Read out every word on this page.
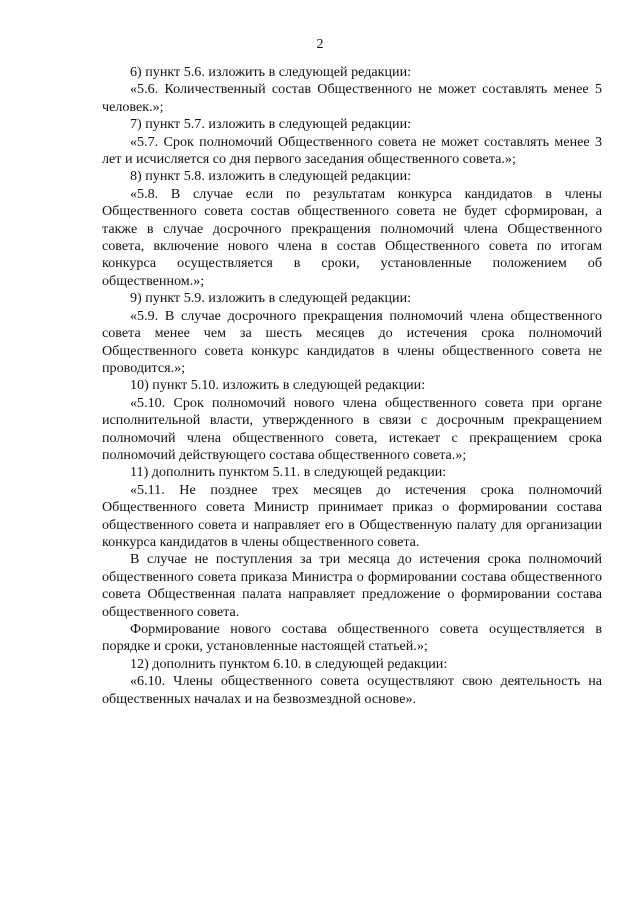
2

6) пункт 5.6. изложить в следующей редакции:

«5.6. Количественный состав Общественного не может составлять менее 5 человек.»;

7) пункт 5.7. изложить в следующей редакции:

«5.7. Срок полномочий Общественного совета не может составлять менее 3 лет и исчисляется со дня первого заседания общественного совета.»;

8) пункт 5.8. изложить в следующей редакции:

«5.8. В случае если по результатам конкурса кандидатов в члены Общественного совета состав общественного совета не будет сформирован, а также в случае досрочного прекращения полномочий члена Общественного совета, включение нового члена в состав Общественного совета по итогам конкурса осуществляется в сроки, установленные положением об общественном.»;

9) пункт 5.9. изложить в следующей редакции:

«5.9. В случае досрочного прекращения полномочий члена общественного совета менее чем за шесть месяцев до истечения срока полномочий Общественного совета конкурс кандидатов в члены общественного совета не проводится.»;

10) пункт 5.10. изложить в следующей редакции:

«5.10. Срок полномочий нового члена общественного совета при органе исполнительной власти, утвержденного в связи с досрочным прекращением полномочий члена общественного совета, истекает с прекращением срока полномочий действующего состава общественного совета.»;

11) дополнить пунктом 5.11. в следующей редакции:

«5.11. Не позднее трех месяцев до истечения срока полномочий Общественного совета Министр принимает приказ о формировании состава общественного совета и направляет его в Общественную палату для организации конкурса кандидатов в члены общественного совета.

В случае не поступления за три месяца до истечения срока полномочий общественного совета приказа Министра о формировании состава общественного совета Общественная палата направляет предложение о формировании состава общественного совета.

Формирование нового состава общественного совета осуществляется в порядке и сроки, установленные настоящей статьей.»;

12) дополнить пунктом 6.10. в следующей редакции:

«6.10. Члены общественного совета осуществляют свою деятельность на общественных началах и на безвозмездной основе».
